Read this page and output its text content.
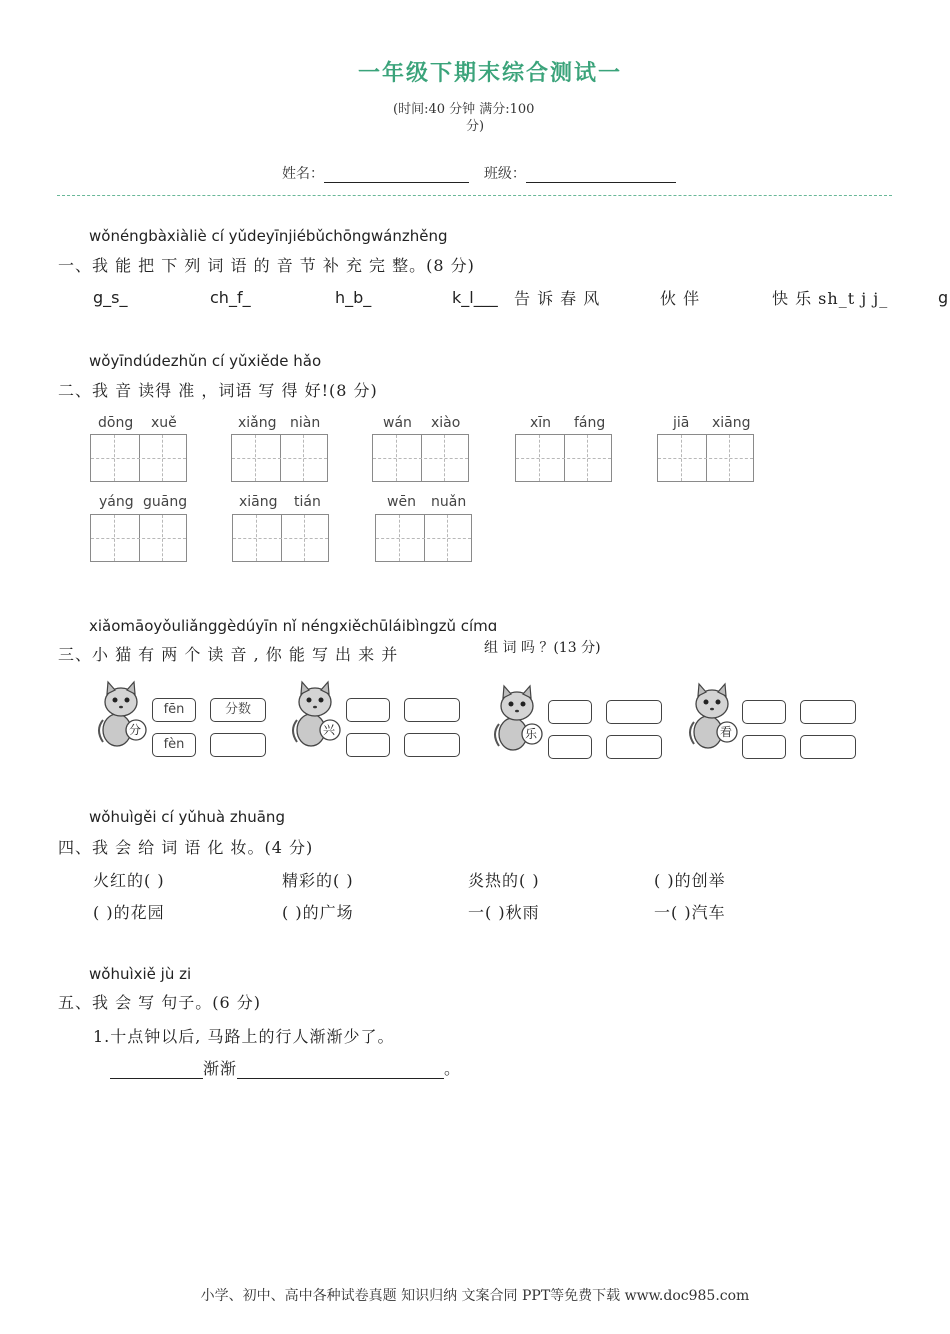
一年级下期末综合测试一
(时间:40 分钟 满分:100
分)
姓名：	班级：
wǒnéngbàxiàliè cí yǔdeyīnjiébǔchōngwánzhěng
一、我 能 把 下 列 词 语 的 音 节 补 充 完 整。(8 分)
g_s_	ch_f_	h_b_	k_l___ 告 诉 春 风	伙 伴	快 乐 sh_t j j_	g
wǒyīndúdezhǔn cí yǔxiěde hǎo
二、我 音 读得 准 ，词语 写 得 好!(8 分)
dōng xuě	xiǎng niàn	wán xiào	xīn fáng	jiā xiāng
yáng guāng	xiāng tián	wēn nuǎn
xiǎomāoyǒuliǎnggèdúyīn nǐ néngxiěchūláibìngzǔ címɑ
三、小 猫 有 两 个 读 音 , 你 能 写 出 来 并	组 词 吗 ？(13 分)
分
fēn	分数
fèn
兴	乐	看
wǒhuìgěi cí yǔhuà zhuāng
四、我 会 给 词 语 化 妆。(4 分)
火红的( )	精彩的( )	炎热的( )	( )的创举
( )的花园	( )的广场	一( )秋雨	一( )汽车
wǒhuìxiě jù zi
五、我 会 写 句子。(6 分)
1.十点钟以后, 马路上的行人渐渐少了。
渐渐	。
小学、初中、高中各种试卷真题 知识归纳 文案合同 PPT等免费下载 www.doc985.com
